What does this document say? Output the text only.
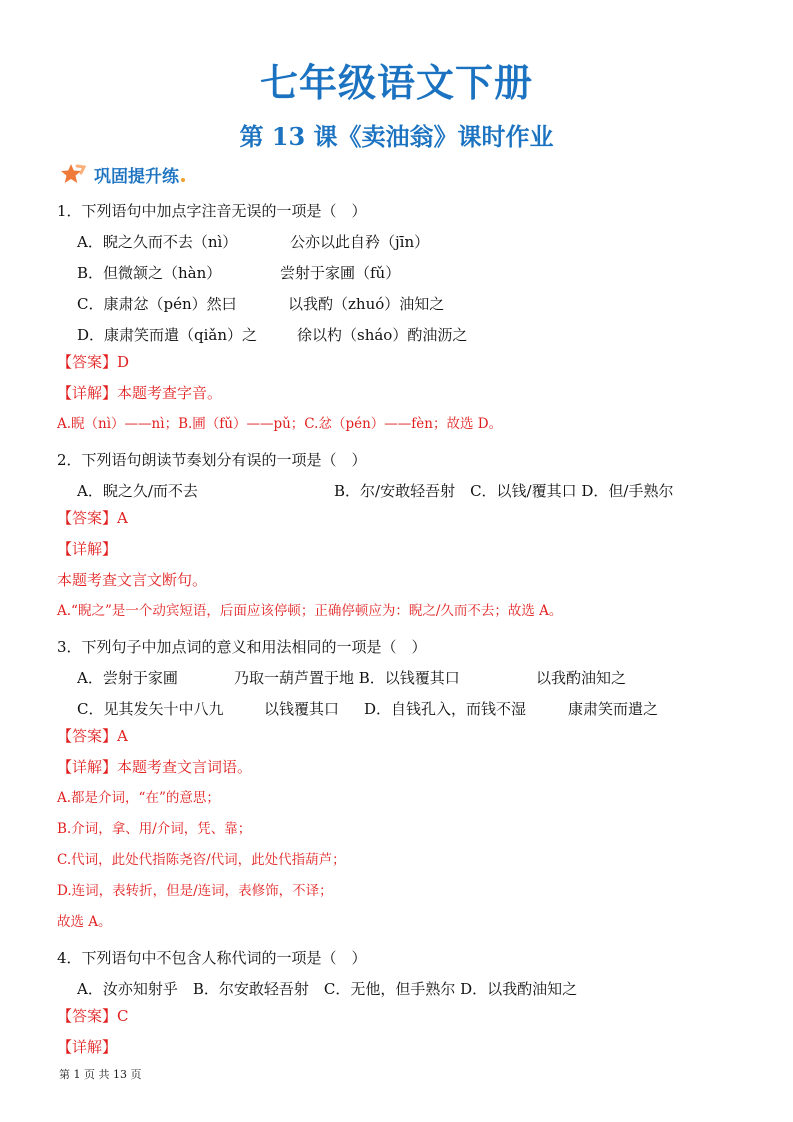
七年级语文下册
第 13 课《卖油翁》课时作业
巩固提升练
1．下列语句中加点字注音无误的一项是（　）
A．睨之久而不去（nì）	公亦以此自矜（jīn）
B．但微颔之（hàn）	尝射于家圃（fǔ）
C．康肃忿（pén）然曰	以我酌（zhuó）油知之
D．康肃笑而遣（qiǎn）之	徐以杓（sháo）酌油沥之
【答案】D
【详解】本题考查字音。
A.睨（nì）——nì；B.圃（fǔ）——pǔ；C.忿（pén）——fèn；故选 D。
2．下列语句朗读节奏划分有误的一项是（　）
A．睨之久/而不去	B．尔/安敢轻吾射　C．以钱/覆其口 D．但/手熟尔
【答案】A
【详解】
本题考查文言文断句。
A.“睨之”是一个动宾短语，后面应该停顿；正确停顿应为：睨之/久而不去；故选 A。
3．下列句子中加点词的意义和用法相同的一项是（　）
A．尝射于家圃	乃取一葫芦置于地 B．以钱覆其口	以我酌油知之
C．见其发矢十中八九	以钱覆其口 D．自钱孔入，而钱不湿	康肃笑而遣之
【答案】A
【详解】本题考查文言词语。
A.都是介词，“在”的意思；
B.介词，拿、用/介词，凭、靠；
C.代词，此处代指陈尧咨/代词，此处代指葫芦；
D.连词，表转折，但是/连词，表修饰，不译；
故选 A。
4．下列语句中不包含人称代词的一项是（　）
A．汝亦知射乎　B．尔安敢轻吾射　C．无他，但手熟尔 D．以我酌油知之
【答案】C
【详解】
第 1 页 共 13 页
